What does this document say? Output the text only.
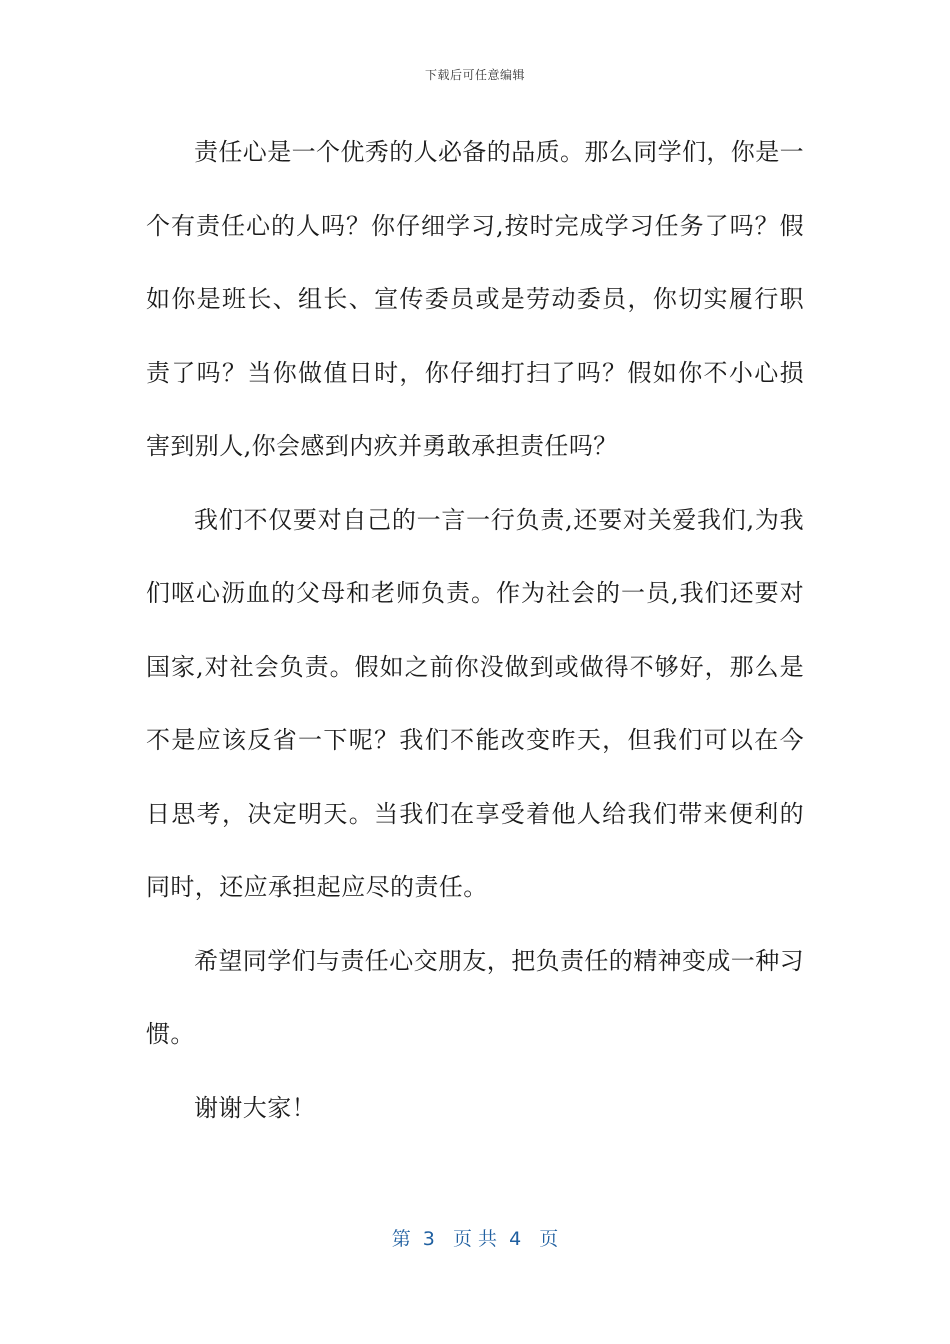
下载后可任意编辑

责任心是一个优秀的人必备的品质。那么同学们，你是一个有责任心的人吗？你仔细学习,按时完成学习任务了吗？假如你是班长、组长、宣传委员或是劳动委员，你切实履行职责了吗？当你做值日时，你仔细打扫了吗？假如你不小心损害到别人,你会感到内疚并勇敢承担责任吗？

我们不仅要对自己的一言一行负责,还要对关爱我们,为我们呕心沥血的父母和老师负责。作为社会的一员,我们还要对国家,对社会负责。假如之前你没做到或做得不够好，那么是不是应该反省一下呢？我们不能改变昨天，但我们可以在今日思考，决定明天。当我们在享受着他人给我们带来便利的同时，还应承担起应尽的责任。

希望同学们与责任心交朋友，把负责任的精神变成一种习惯。

谢谢大家！

第  3   页 共  4   页
